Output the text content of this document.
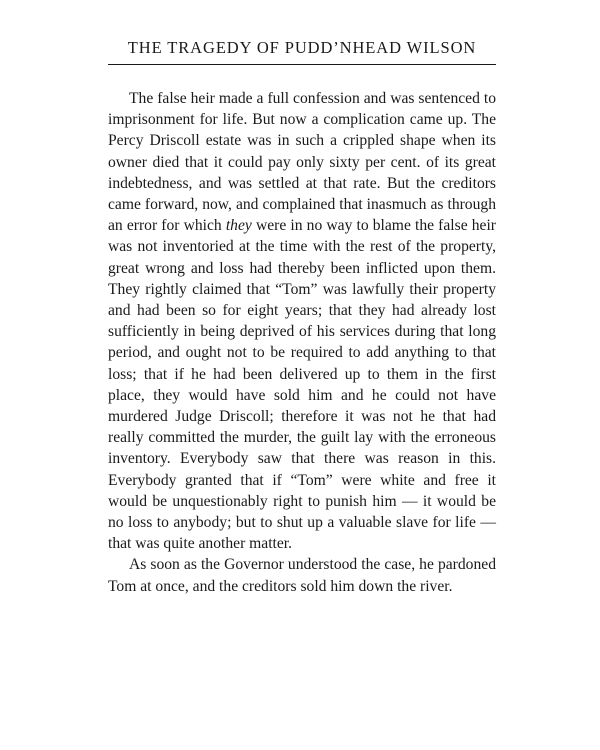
THE TRAGEDY OF PUDD’NHEAD WILSON

The false heir made a full confession and was sentenced to imprisonment for life. But now a complication came up. The Percy Driscoll estate was in such a crippled shape when its owner died that it could pay only sixty per cent. of its great indebtedness, and was settled at that rate. But the creditors came forward, now, and complained that inasmuch as through an error for which they were in no way to blame the false heir was not inventoried at the time with the rest of the property, great wrong and loss had thereby been inflicted upon them. They rightly claimed that “Tom” was lawfully their property and had been so for eight years; that they had already lost sufficiently in being deprived of his services during that long period, and ought not to be required to add anything to that loss; that if he had been delivered up to them in the first place, they would have sold him and he could not have murdered Judge Driscoll; therefore it was not he that had really committed the murder, the guilt lay with the erroneous inventory. Everybody saw that there was reason in this. Everybody granted that if “Tom” were white and free it would be unquestionably right to punish him — it would be no loss to anybody; but to shut up a valuable slave for life — that was quite another matter.

As soon as the Governor understood the case, he pardoned Tom at once, and the creditors sold him down the river.
